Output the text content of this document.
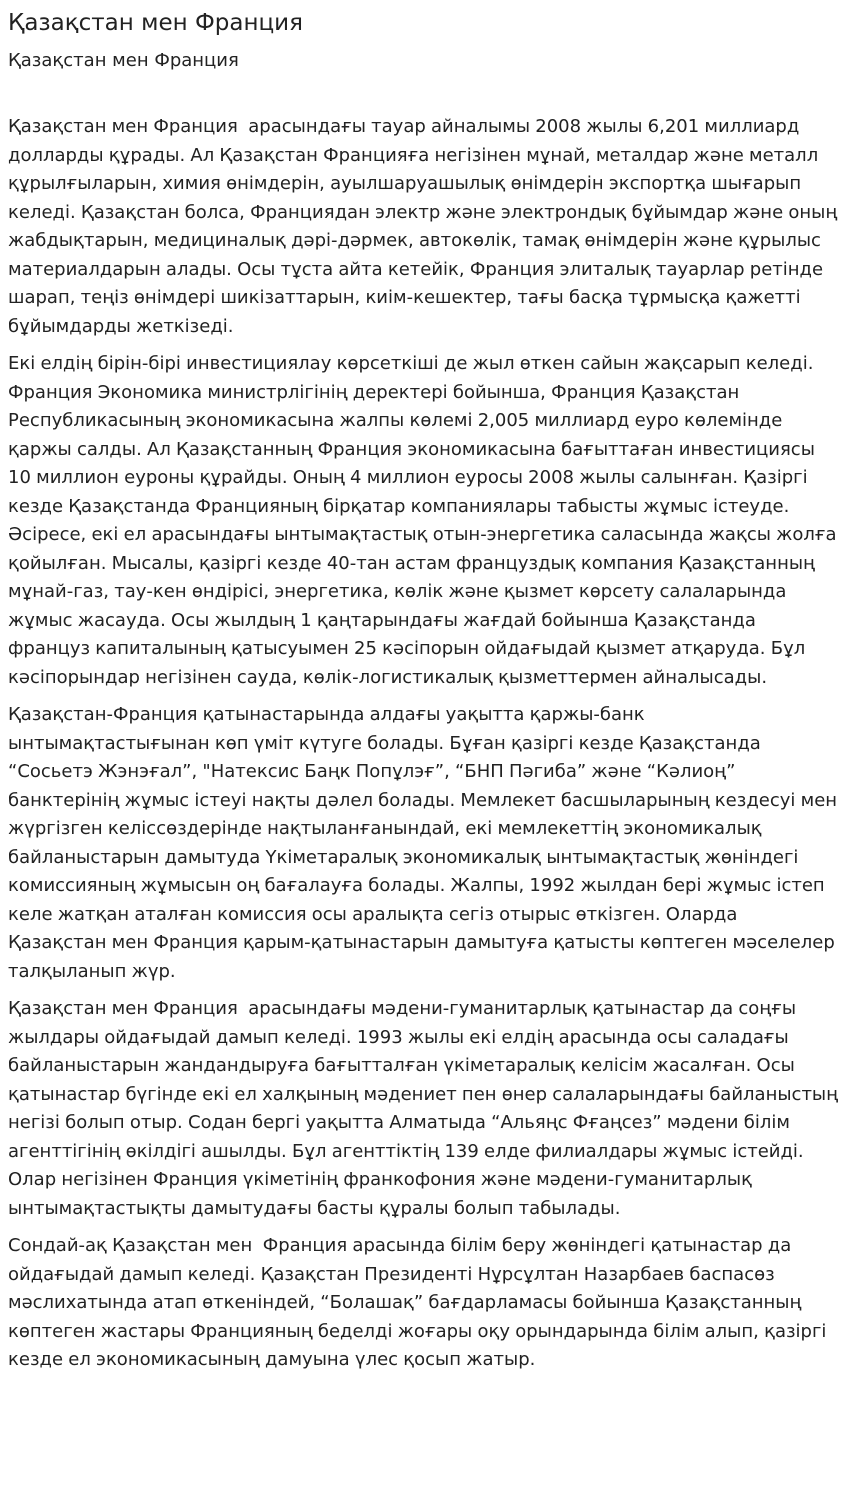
Қазақстан мен Франция
Қазақстан мен Франция

Қазақстан мен Франция  арасындағы тауар айналымы 2008 жылы 6,201 миллиард долларды құрады. Ал Қазақстан Францияға негізінен мұнай, металдар және металл құрылғыларын, химия өнімдерін, ауылшаруашылық өнімдерін экспортқа шығарып келеді. Қазақстан болса, Франциядан электр және электрондық бұйымдар және оның жабдықтарын, медициналық дәрі-дәрмек, автокөлік, тамақ өнімдерін және құрылыс материалдарын алады. Осы тұста айта кетейік, Франция элиталық тауарлар ретінде шарап, теңіз өнімдері шикізаттарын, киім-кешектер, тағы басқа тұрмысқа қажетті бұйымдарды жеткізеді.

Екі елдің бірін-бірі инвестициялау көрсеткіші де жыл өткен сайын жақсарып келеді. Франция Экономика министрлігінің деректері бойынша, Франция Қазақстан Республикасының экономикасына жалпы көлемі 2,005 миллиард еуро көлемінде қаржы салды. Ал Қазақстанның Франция экономикасына бағыттаған инвестициясы 10 миллион еуроны құрайды. Оның 4 миллион еуросы 2008 жылы салынған. Қазіргі кезде Қазақстанда Францияның бірқатар компаниялары табысты жұмыс істеуде. Әсіресе, екі ел арасындағы ынтымақтастық отын-энергетика саласында жақсы жолға қойылған. Мысалы, қазіргі кезде 40-тан астам француздық компания Қазақстанның мұнай-газ, тау-кен өндірісі, энергетика, көлік және қызмет көрсету салаларында жұмыс жасауда. Осы жылдың 1 қаңтарындағы жағдай бойынша Қазақстанда француз капиталының қатысуымен 25 кәсіпорын ойдағыдай қызмет атқаруда. Бұл кәсіпорындар негізінен сауда, көлік-логистикалық қызметтермен айналысады.

Қазақстан-Франция қатынастарында алдағы уақытта қаржы-банк ынтымақтастығынан көп үміт күтуге болады. Бұған қазіргі кезде Қазақстанда “Сосьетэ Жэнэғал”, "Натексис Баңк Попұлэғ”, “БНП Пәгиба” және “Кәлиоң” банктерінің жұмыс істеуі нақты дәлел болады. Мемлекет басшыларының кездесуі мен жүргізген келіссөздерінде нақтыланғанындай, екі мемлекеттің экономикалық байланыстарын дамытуда Үкіметаралық экономикалық ынтымақтастық жөніндегі комиссияның жұмысын оң бағалауға болады. Жалпы, 1992 жылдан бері жұмыс істеп келе жатқан аталған комиссия осы аралықта сегіз отырыс өткізген. Оларда Қазақстан мен Франция қарым-қатынастарын дамытуға қатысты көптеген мәселелер талқыланып жүр.

Қазақстан мен Франция  арасындағы мәдени-гуманитарлық қатынастар да соңғы жылдары ойдағыдай дамып келеді. 1993 жылы екі елдің арасында осы саладағы байланыстарын жандандыруға бағытталған үкіметаралық келісім жасалған. Осы қатынастар бүгінде екі ел халқының мәдениет пен өнер салаларындағы байланыстың негізі болып отыр. Содан бергі уақытта Алматыда “Альяңс Фғаңсез” мәдени білім агенттігінің өкілдігі ашылды. Бұл агенттіктің 139 елде филиалдары жұмыс істейді. Олар негізінен Франция үкіметінің франкофония және мәдени-гуманитарлық ынтымақтастықты дамытудағы басты құралы болып табылады.

Сондай-ақ Қазақстан мен  Франция арасында білім беру жөніндегі қатынастар да ойдағыдай дамып келеді. Қазақстан Президенті Нұрсұлтан Назарбаев баспасөз мәслихатында атап өткеніндей, “Болашақ” бағдарламасы бойынша Қазақстанның көптеген жастары Францияның беделді жоғары оқу орындарында білім алып, қазіргі кезде ел экономикасының дамуына үлес қосып жатыр.
